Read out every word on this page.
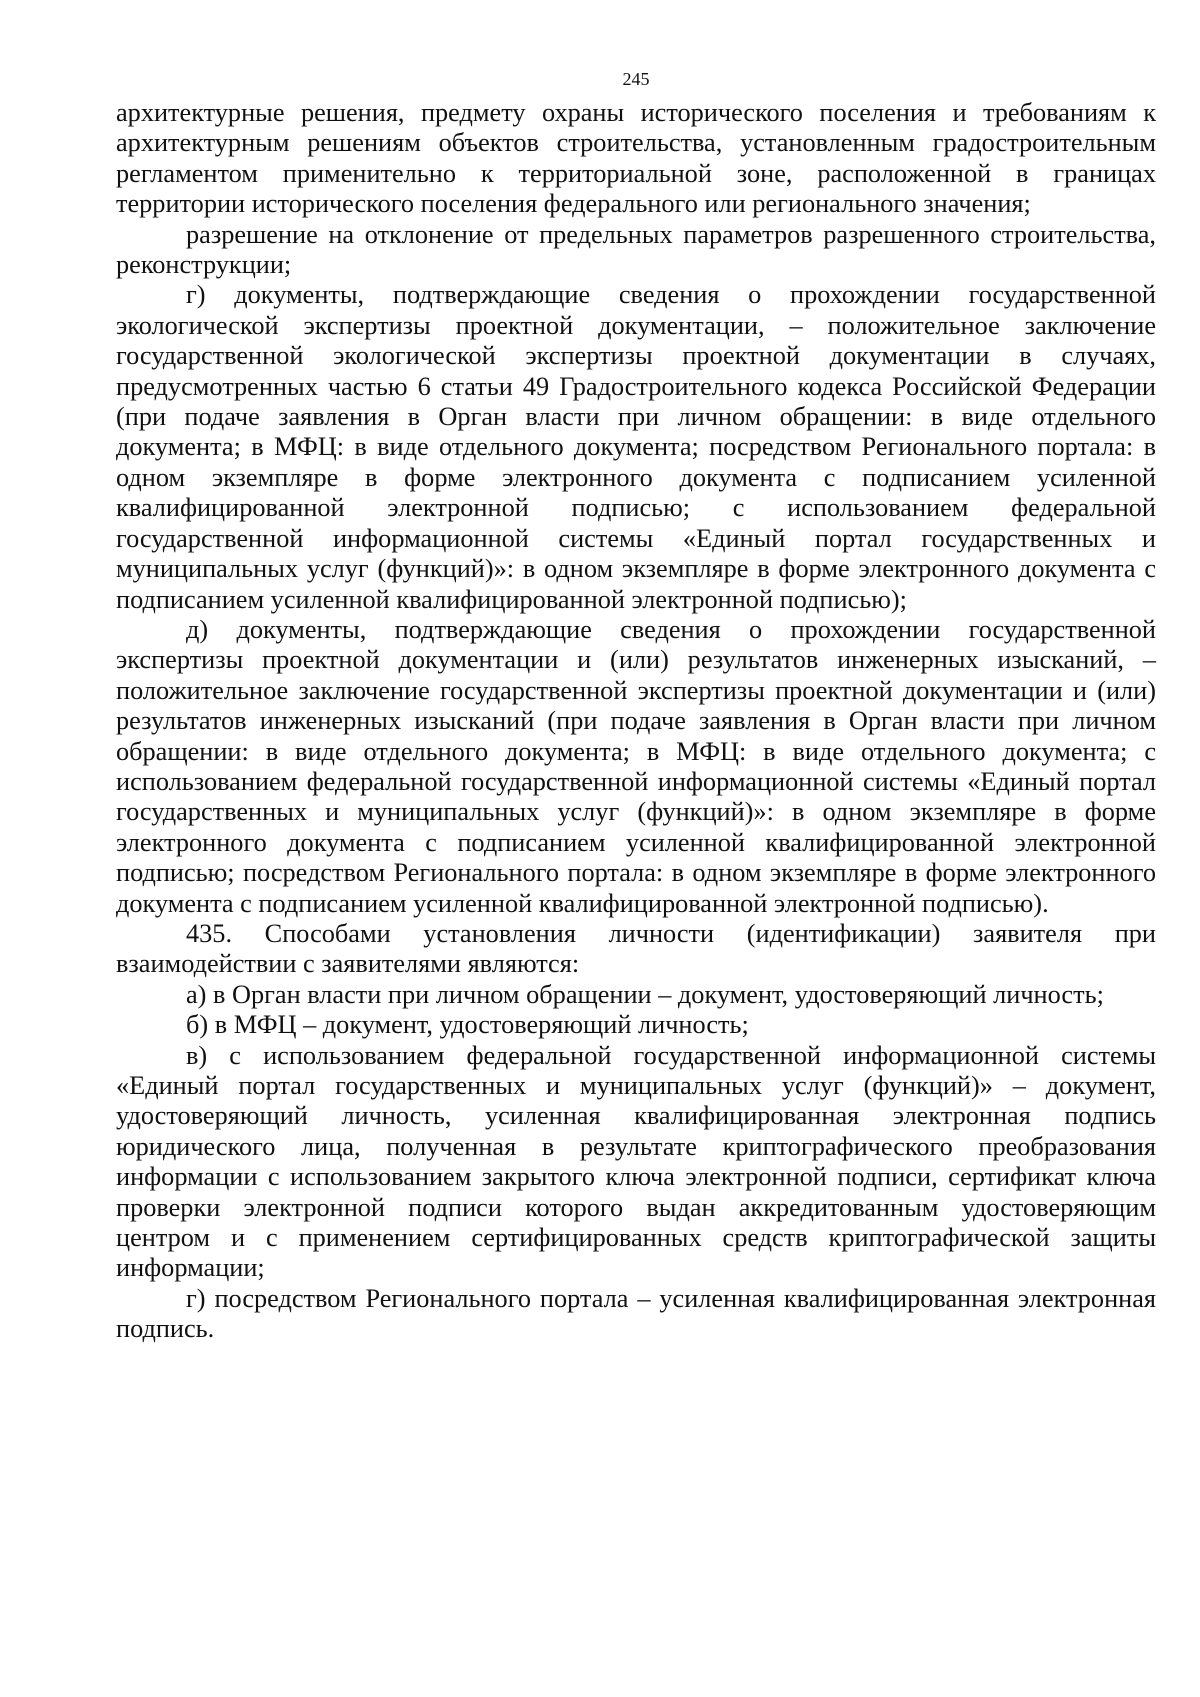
245

архитектурные решения, предмету охраны исторического поселения и требованиям к архитектурным решениям объектов строительства, установленным градостроительным регламентом применительно к территориальной зоне, расположенной в границах территории исторического поселения федерального или регионального значения;

разрешение на отклонение от предельных параметров разрешенного строительства, реконструкции;

г) документы, подтверждающие сведения о прохождении государственной экологической экспертизы проектной документации, – положительное заключение государственной экологической экспертизы проектной документации в случаях, предусмотренных частью 6 статьи 49 Градостроительного кодекса Российской Федерации (при подаче заявления в Орган власти при личном обращении: в виде отдельного документа; в МФЦ: в виде отдельного документа; посредством Регионального портала: в одном экземпляре в форме электронного документа с подписанием усиленной квалифицированной электронной подписью; с использованием федеральной государственной информационной системы «Единый портал государственных и муниципальных услуг (функций)»: в одном экземпляре в форме электронного документа с подписанием усиленной квалифицированной электронной подписью);

д) документы, подтверждающие сведения о прохождении государственной экспертизы проектной документации и (или) результатов инженерных изысканий, – положительное заключение государственной экспертизы проектной документации и (или) результатов инженерных изысканий (при подаче заявления в Орган власти при личном обращении: в виде отдельного документа; в МФЦ: в виде отдельного документа; с использованием федеральной государственной информационной системы «Единый портал государственных и муниципальных услуг (функций)»: в одном экземпляре в форме электронного документа с подписанием усиленной квалифицированной электронной подписью; посредством Регионального портала: в одном экземпляре в форме электронного документа с подписанием усиленной квалифицированной электронной подписью).

435. Способами установления личности (идентификации) заявителя при взаимодействии с заявителями являются:

а) в Орган власти при личном обращении – документ, удостоверяющий личность;

б) в МФЦ – документ, удостоверяющий личность;

в) с использованием федеральной государственной информационной системы «Единый портал государственных и муниципальных услуг (функций)» – документ, удостоверяющий личность, усиленная квалифицированная электронная подпись юридического лица, полученная в результате криптографического преобразования информации с использованием закрытого ключа электронной подписи, сертификат ключа проверки электронной подписи которого выдан аккредитованным удостоверяющим центром и с применением сертифицированных средств криптографической защиты информации;

г) посредством Регионального портала – усиленная квалифицированная электронная подпись.
